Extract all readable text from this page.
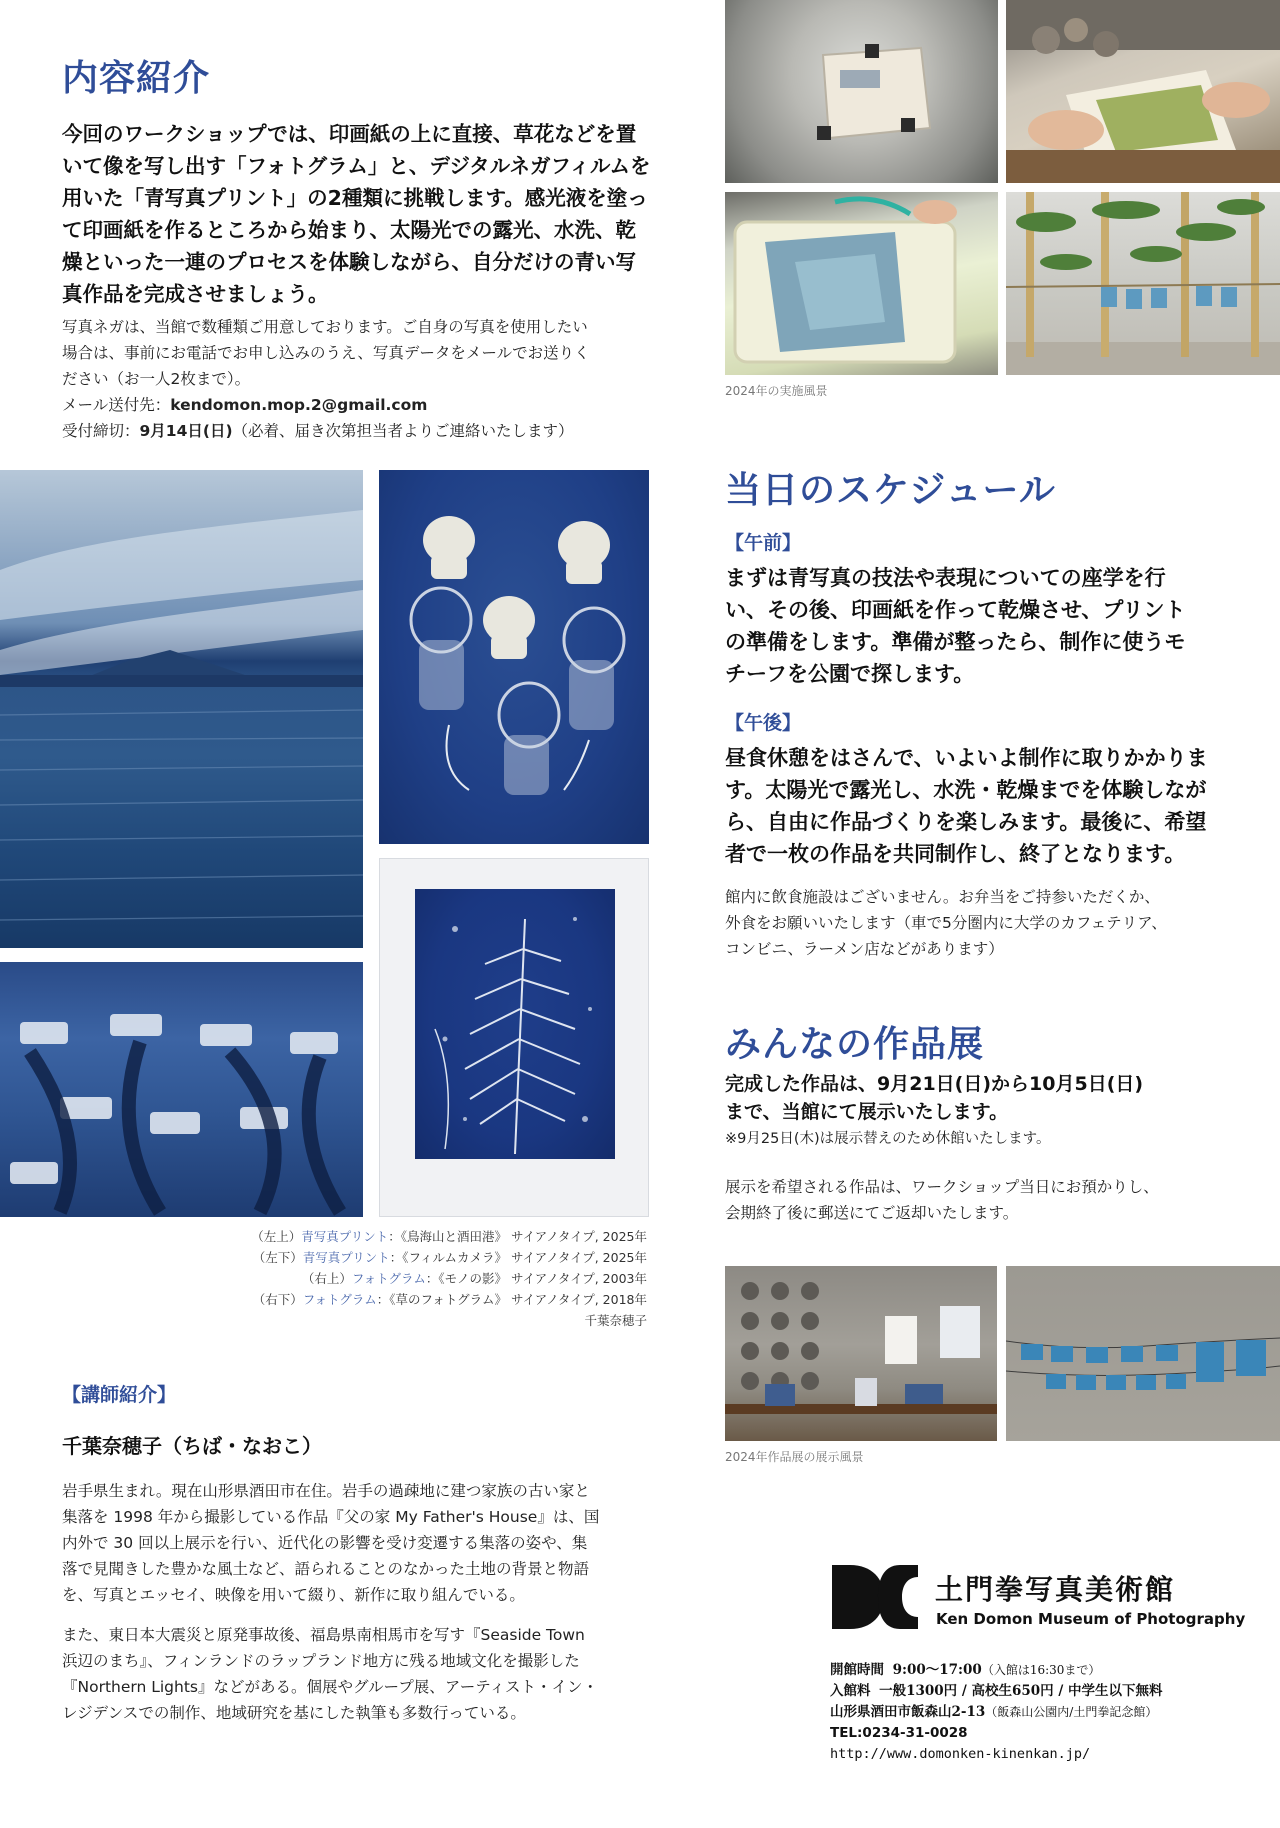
内容紹介
今回のワークショップでは、印画紙の上に直接、草花などを置いて像を写し出す「フォトグラム」と、デジタルネガフィルムを用いた「青写真プリント」の2種類に挑戦します。感光液を塗って印画紙を作るところから始まり、太陽光での露光、水洗、乾燥といった一連のプロセスを体験しながら、自分だけの青い写真作品を完成させましょう。
写真ネガは、当館で数種類ご用意しております。ご自身の写真を使用したい
場合は、事前にお電話でお申し込みのうえ、写真データをメールでお送りく
ださい（お一人2枚まで）。
メール送付先：kendomon.mop.2@gmail.com
受付締切：9月14日(日)（必着、届き次第担当者よりご連絡いたします）
2024年の実施風景
（左上）青写真プリント：《鳥海山と酒田港》 サイアノタイプ, 2025年
（左下）青写真プリント：《フィルムカメラ》 サイアノタイプ, 2025年
（右上）フォトグラム：《モノの影》 サイアノタイプ, 2003年
（右下）フォトグラム：《草のフォトグラム》 サイアノタイプ, 2018年
千葉奈穂子
当日のスケジュール
【午前】
まずは青写真の技法や表現についての座学を行い、その後、印画紙を作って乾燥させ、プリントの準備をします。準備が整ったら、制作に使うモチーフを公園で探します。
【午後】
昼食休憩をはさんで、いよいよ制作に取りかかります。太陽光で露光し、水洗・乾燥までを体験しながら、自由に作品づくりを楽しみます。最後に、希望者で一枚の作品を共同制作し、終了となります。
館内に飲食施設はございません。お弁当をご持参いただくか、
外食をお願いいたします（車で5分圏内に大学のカフェテリア、
コンビニ、ラーメン店などがあります）
みんなの作品展
完成した作品は、9月21日(日)から10月5日(日)
まで、当館にて展示いたします。
※9月25日(木)は展示替えのため休館いたします。
展示を希望される作品は、ワークショップ当日にお預かりし、
会期終了後に郵送にてご返却いたします。
2024年作品展の展示風景
【講師紹介】
千葉奈穂子（ちば・なおこ）
岩手県生まれ。現在山形県酒田市在住。岩手の過疎地に建つ家族の古い家と
集落を 1998 年から撮影している作品『父の家 My Father's House』は、国
内外で 30 回以上展示を行い、近代化の影響を受け変遷する集落の姿や、集
落で見聞きした豊かな風土など、語られることのなかった土地の背景と物語
を、写真とエッセイ、映像を用いて綴り、新作に取り組んでいる。
また、東日本大震災と原発事故後、福島県南相馬市を写す『Seaside Town
浜辺のまち』、フィンランドのラップランド地方に残る地域文化を撮影した
『Northern Lights』などがある。個展やグループ展、アーティスト・イン・
レジデンスでの制作、地域研究を基にした執筆も多数行っている。
土門拳写真美術館
Ken Domon Museum of Photography
開館時間 9:00〜17:00（入館は16:30まで）
入館料 一般1300円 / 高校生650円 / 中学生以下無料
山形県酒田市飯森山2-13（飯森山公園内/土門拳記念館）
TEL:0234-31-0028
http://www.domonken-kinenkan.jp/
